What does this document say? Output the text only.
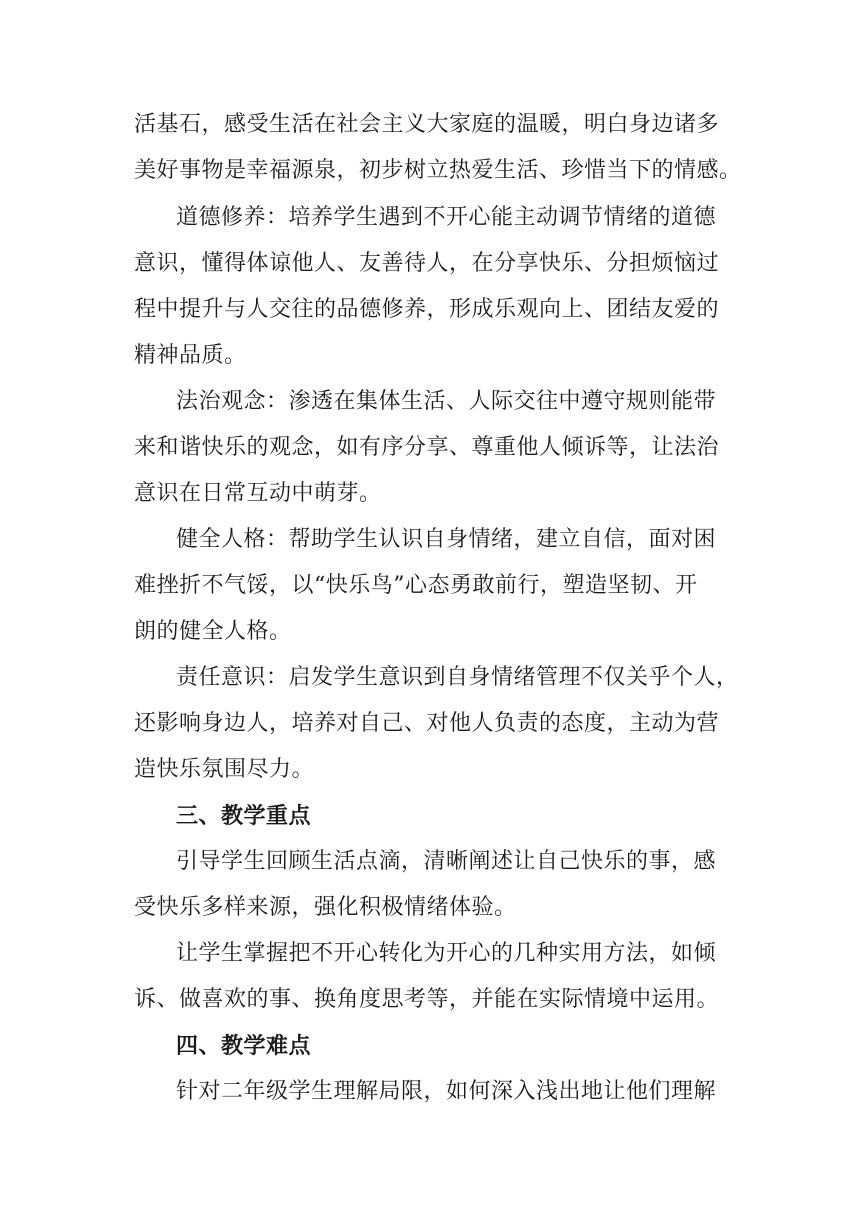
活基石，感受生活在社会主义大家庭的温暖，明白身边诸多
美好事物是幸福源泉，初步树立热爱生活、珍惜当下的情感。
道德修养：培养学生遇到不开心能主动调节情绪的道德
意识，懂得体谅他人、友善待人，在分享快乐、分担烦恼过
程中提升与人交往的品德修养，形成乐观向上、团结友爱的
精神品质。
法治观念：渗透在集体生活、人际交往中遵守规则能带
来和谐快乐的观念，如有序分享、尊重他人倾诉等，让法治
意识在日常互动中萌芽。
健全人格：帮助学生认识自身情绪，建立自信，面对困
难挫折不气馁，以“快乐鸟”心态勇敢前行，塑造坚韧、开
朗的健全人格。
责任意识：启发学生意识到自身情绪管理不仅关乎个人，
还影响身边人，培养对自己、对他人负责的态度，主动为营
造快乐氛围尽力。
三、教学重点
引导学生回顾生活点滴，清晰阐述让自己快乐的事，感
受快乐多样来源，强化积极情绪体验。
让学生掌握把不开心转化为开心的几种实用方法，如倾
诉、做喜欢的事、换角度思考等，并能在实际情境中运用。
四、教学难点
针对二年级学生理解局限，如何深入浅出地让他们理解
